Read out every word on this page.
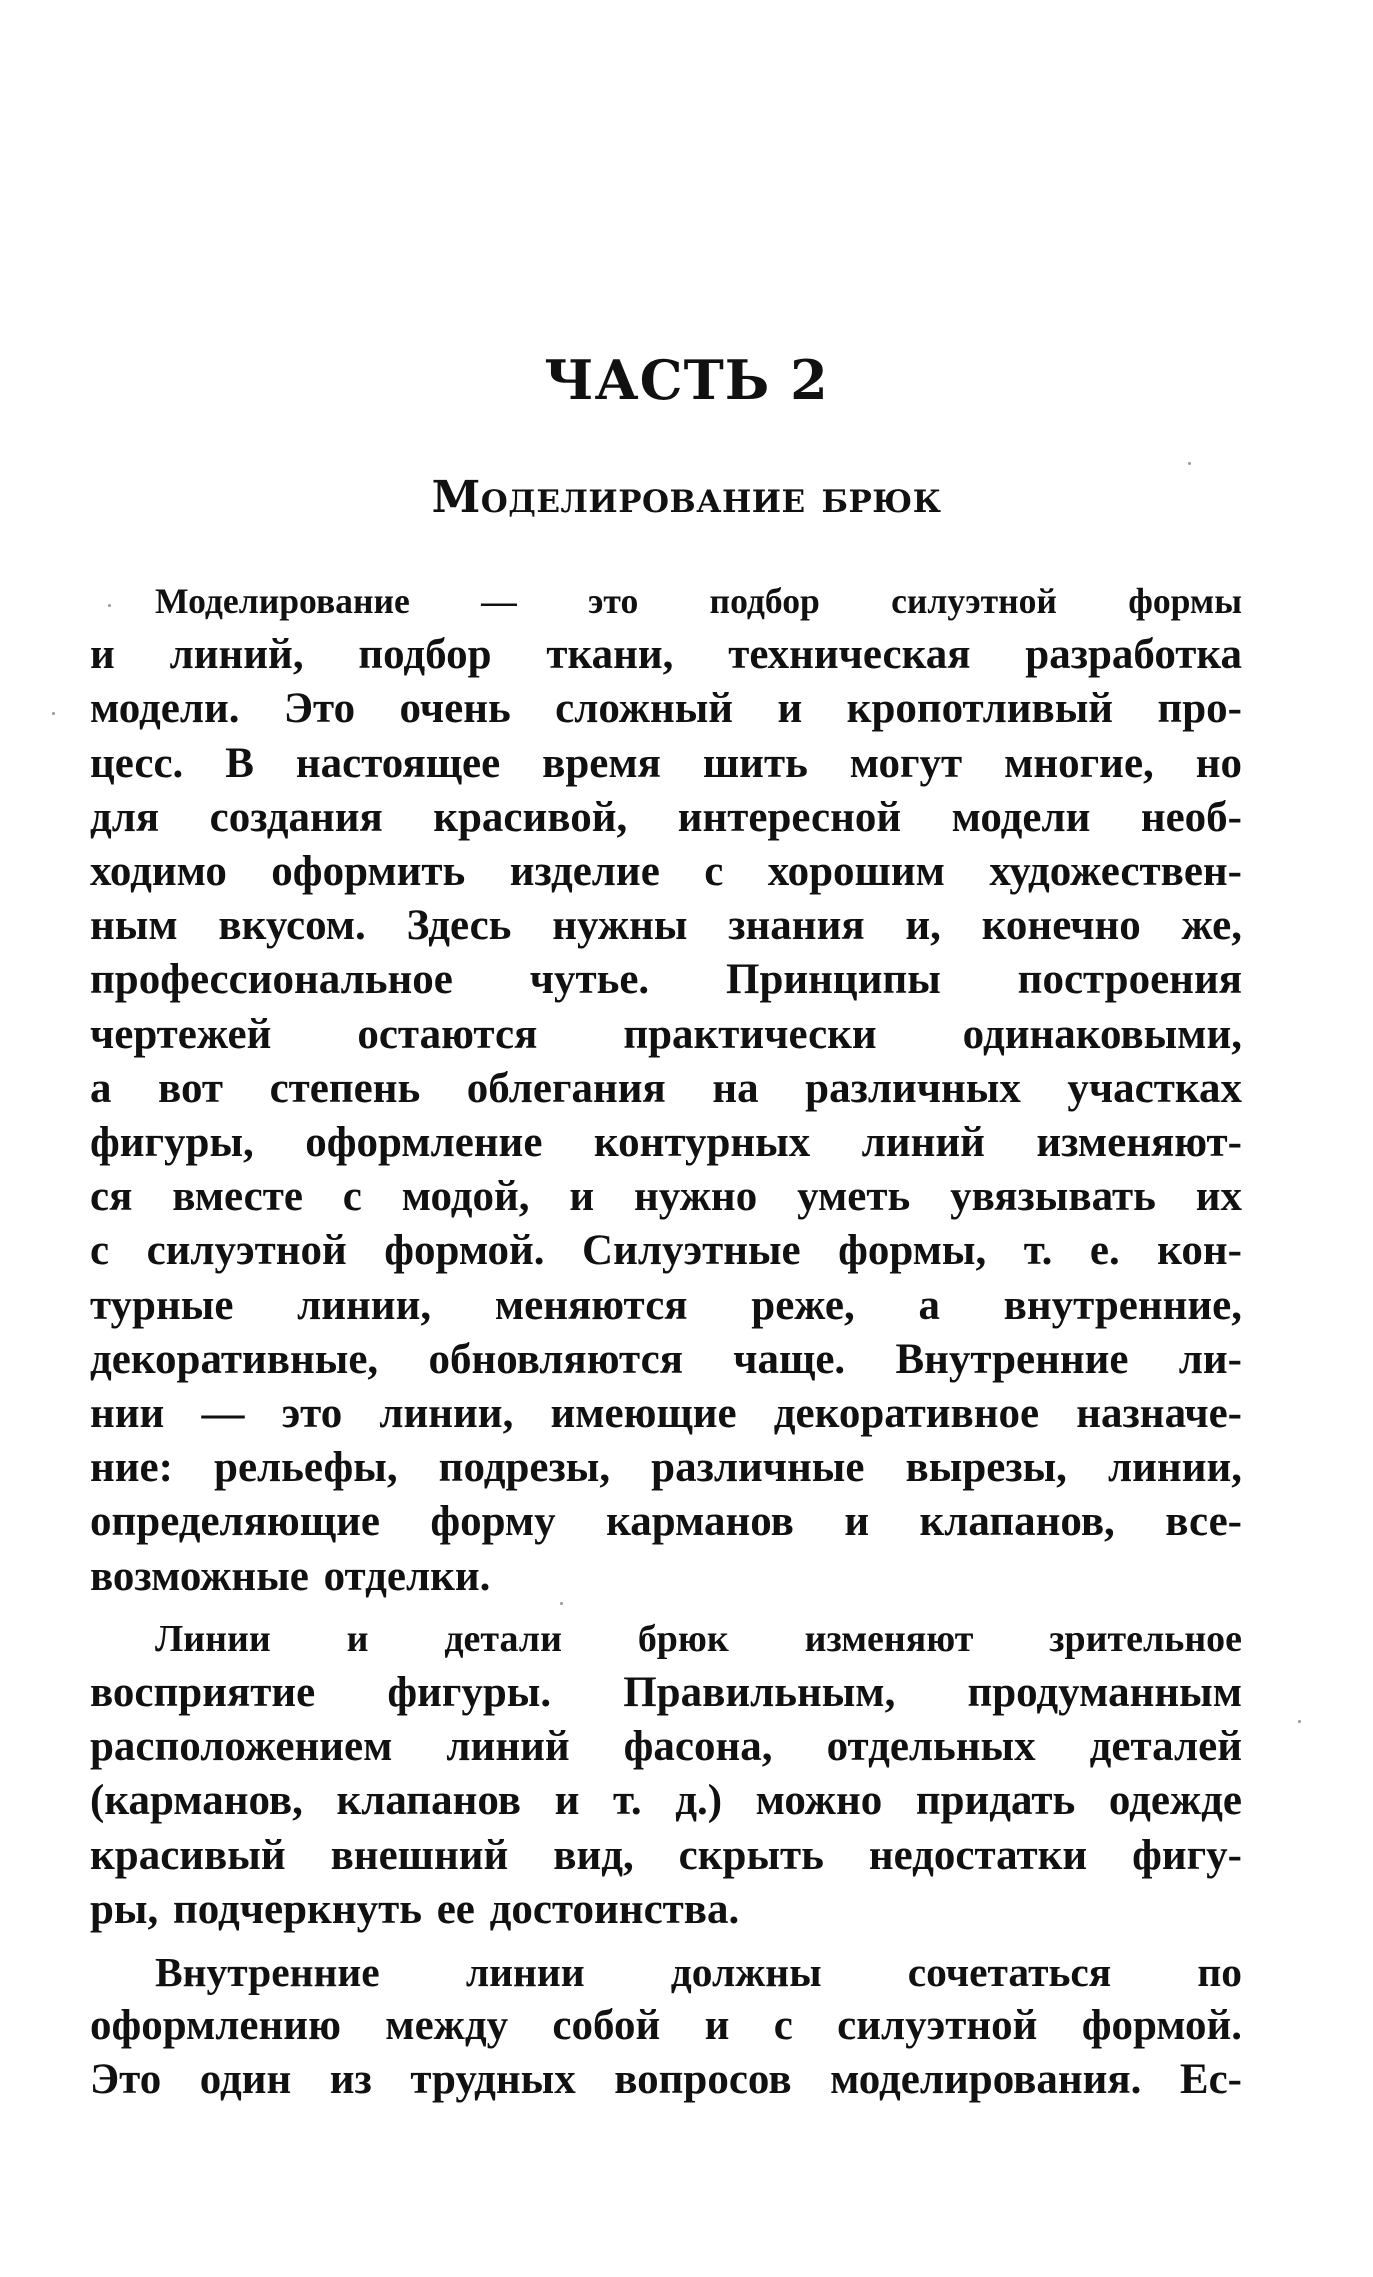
ЧАСТЬ 2
Моделирование брюк

Моделирование — это подбор силуэтной формы
и линий, подбор ткани, техническая разработка
модели. Это очень сложный и кропотливый про-
цесс. В настоящее время шить могут многие, но
для создания красивой, интересной модели необ-
ходимо оформить изделие с хорошим художествен-
ным вкусом. Здесь нужны знания и, конечно же,
профессиональное чутье. Принципы построения
чертежей остаются практически одинаковыми,
а вот степень облегания на различных участках
фигуры, оформление контурных линий изменяют-
ся вместе с модой, и нужно уметь увязывать их
с силуэтной формой. Силуэтные формы, т. е. кон-
турные линии, меняются реже, а внутренние,
декоративные, обновляются чаще. Внутренние ли-
нии — это линии, имеющие декоративное назначе-
ние: рельефы, подрезы, различные вырезы, линии,
определяющие форму карманов и клапанов, все-
возможные отделки.

Линии и детали брюк изменяют зрительное
восприятие фигуры. Правильным, продуманным
расположением линий фасона, отдельных деталей
(карманов, клапанов и т. д.) можно придать одежде
красивый внешний вид, скрыть недостатки фигу-
ры, подчеркнуть ее достоинства.

Внутренние линии должны сочетаться по
оформлению между собой и с силуэтной формой.
Это один из трудных вопросов моделирования. Ес-
